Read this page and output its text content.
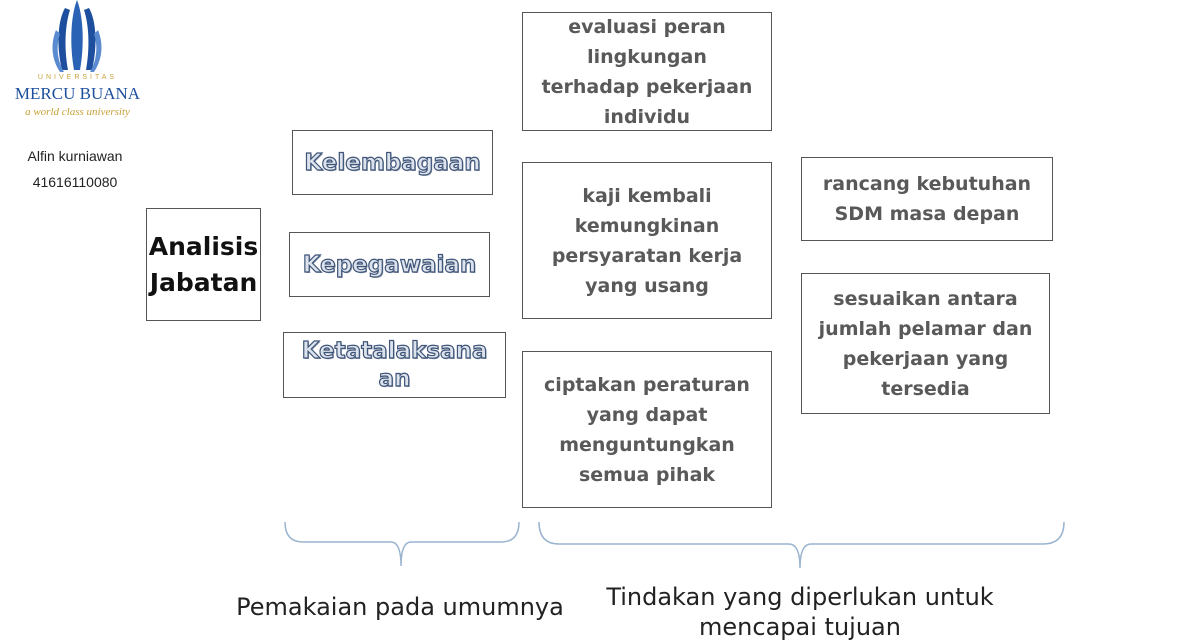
UNIVERSITAS
MERCU BUANA
a world class university
Alfin kurniawan
41616110080
Analisis
Jabatan
Kelembagaan
Kepegawaian
Ketatalaksanaan
evaluasi peran lingkungan terhadap pekerjaan individu
kaji kembali kemungkinan persyaratan kerja yang usang
ciptakan peraturan yang dapat menguntungkan semua pihak
rancang kebutuhan SDM masa depan
sesuaikan antara jumlah pelamar dan pekerjaan yang tersedia
Pemakaian pada umumnya	Tindakan yang diperlukan untuk mencapai tujuan
